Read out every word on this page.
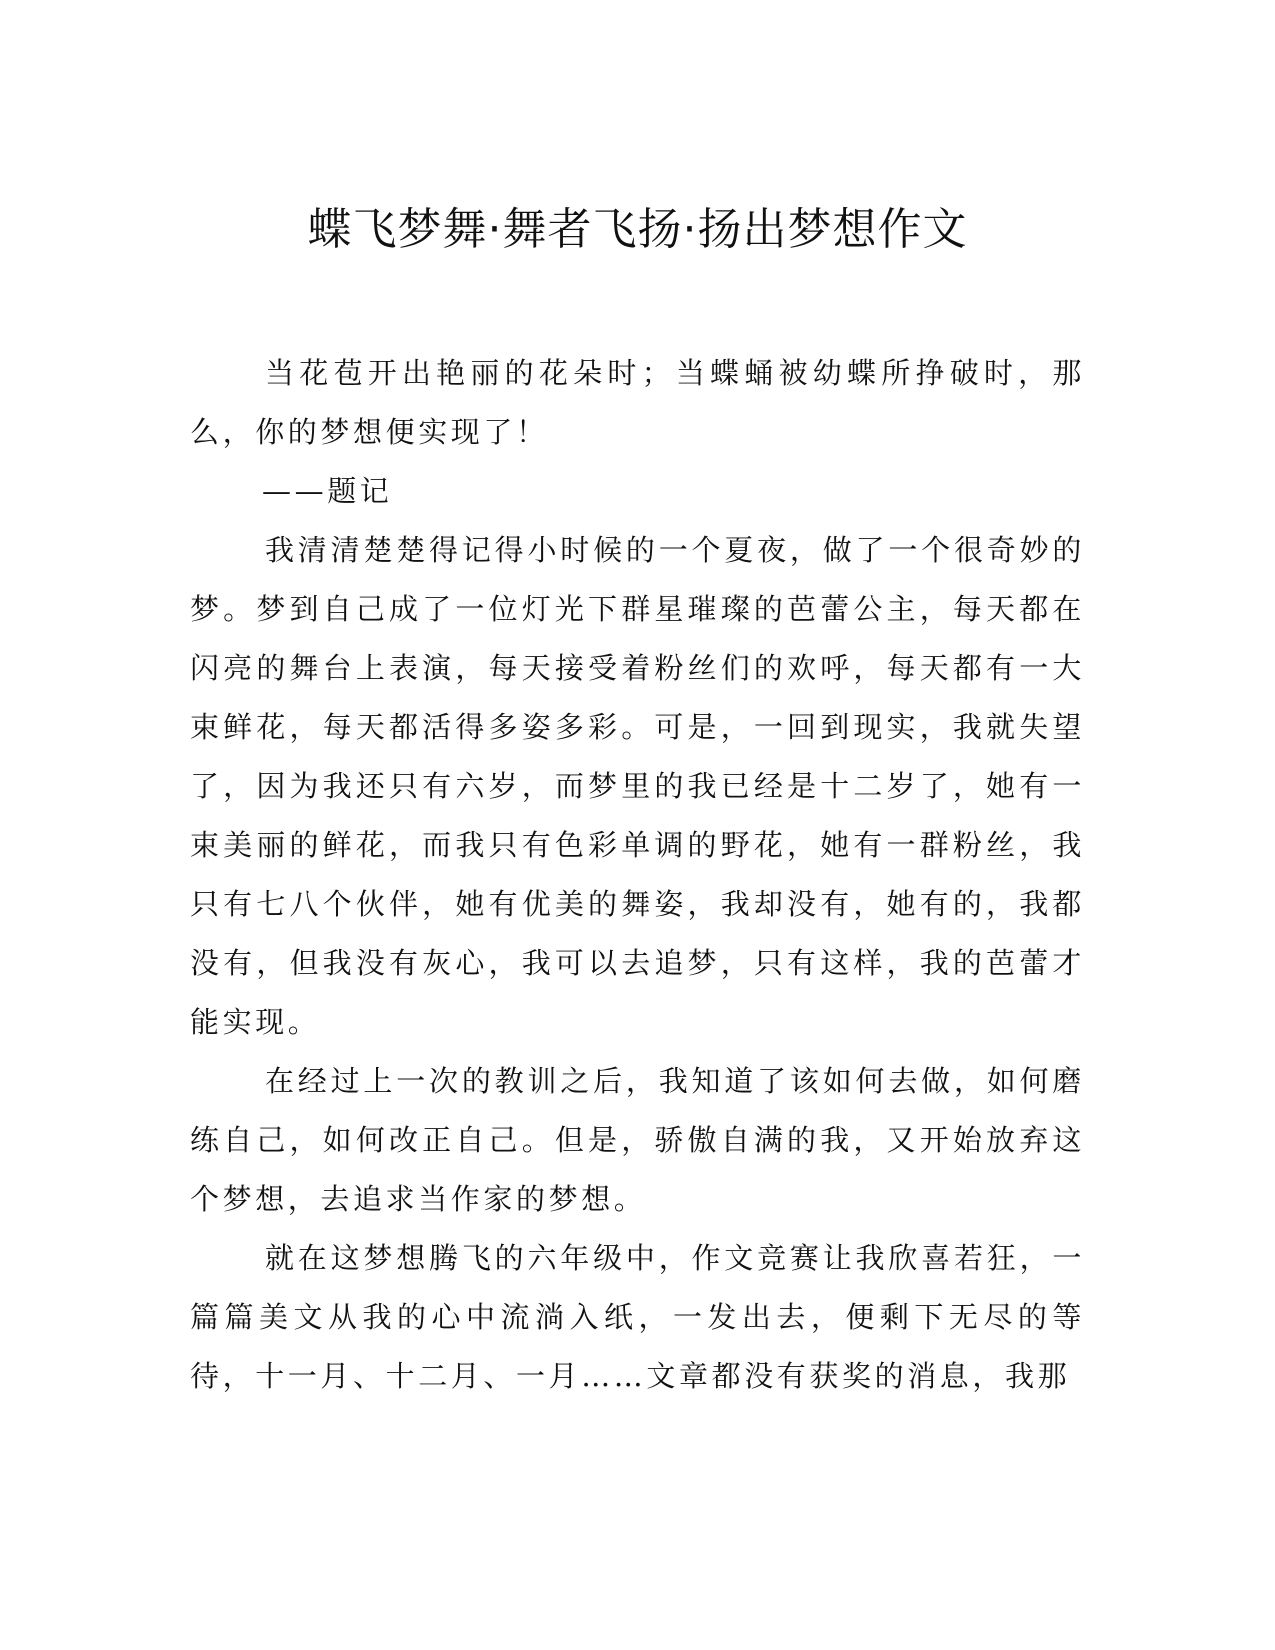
蝶飞梦舞·舞者飞扬·扬出梦想作文

当花苞开出艳丽的花朵时；当蝶蛹被幼蝶所挣破时，那么，你的梦想便实现了！

——题记

我清清楚楚得记得小时候的一个夏夜，做了一个很奇妙的梦。梦到自己成了一位灯光下群星璀璨的芭蕾公主，每天都在闪亮的舞台上表演，每天接受着粉丝们的欢呼，每天都有一大束鲜花，每天都活得多姿多彩。可是，一回到现实，我就失望了，因为我还只有六岁，而梦里的我已经是十二岁了，她有一束美丽的鲜花，而我只有色彩单调的野花，她有一群粉丝，我只有七八个伙伴，她有优美的舞姿，我却没有，她有的，我都没有，但我没有灰心，我可以去追梦，只有这样，我的芭蕾才能实现。

在经过上一次的教训之后，我知道了该如何去做，如何磨练自己，如何改正自己。但是，骄傲自满的我，又开始放弃这个梦想，去追求当作家的梦想。

就在这梦想腾飞的六年级中，作文竞赛让我欣喜若狂，一篇篇美文从我的心中流淌入纸，一发出去，便剩下无尽的等待，十一月、十二月、一月……文章都没有获奖的消息，我那
